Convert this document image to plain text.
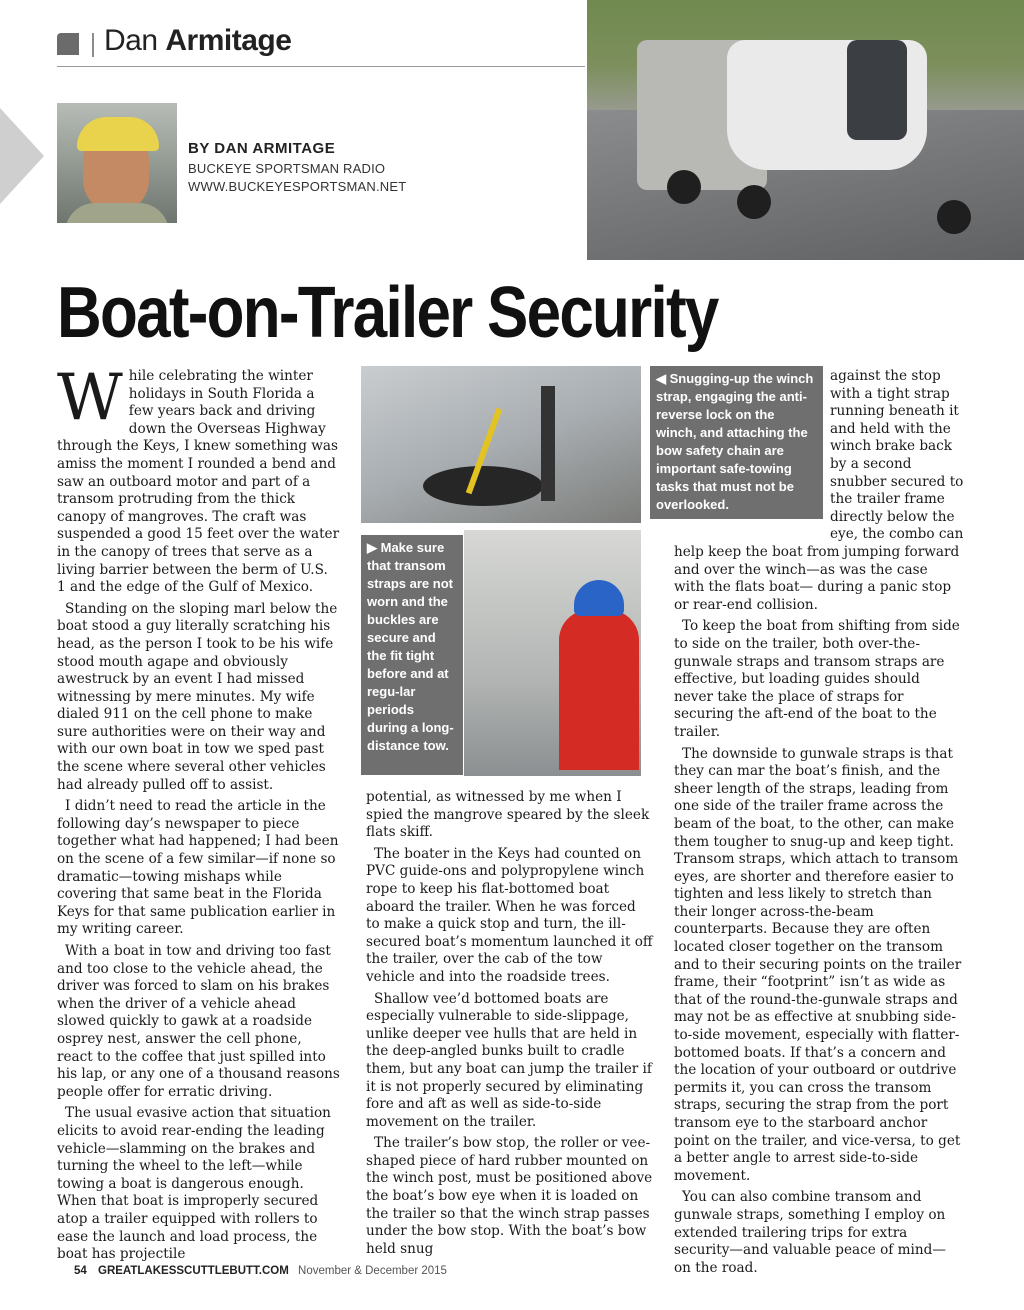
Dan Armitage

BY DAN ARMITAGE

BUCKEYE SPORTSMAN RADIO

WWW.BUCKEYESPORTSMAN.NET

Boat-on-Trailer Security

While celebrating the winter holidays in South Florida a few years back and driving down the Overseas Highway through the Keys, I knew something was amiss the moment I rounded a bend and saw an outboard motor and part of a transom protruding from the thick canopy of mangroves. The craft was suspended a good 15 feet over the water in the canopy of trees that serve as a living barrier between the berm of U.S. 1 and the edge of the Gulf of Mexico.

Standing on the sloping marl below the boat stood a guy literally scratching his head, as the person I took to be his wife stood mouth agape and obviously awestruck by an event I had missed witnessing by mere minutes. My wife dialed 911 on the cell phone to make sure authorities were on their way and with our own boat in tow we sped past the scene where several other vehicles had already pulled off to assist.

I didn’t need to read the article in the following day’s newspaper to piece together what had happened; I had been on the scene of a few similar—if none so dramatic—towing mishaps while covering that same beat in the Florida Keys for that same publication earlier in my writing career.

With a boat in tow and driving too fast and too close to the vehicle ahead, the driver was forced to slam on his brakes when the driver of a vehicle ahead slowed quickly to gawk at a roadside osprey nest, answer the cell phone, react to the coffee that just spilled into his lap, or any one of a thousand reasons people offer for erratic driving.

The usual evasive action that situation elicits to avoid rear-ending the leading vehicle—slamming on the brakes and turning the wheel to the left—while towing a boat is dangerous enough. When that boat is improperly secured atop a trailer equipped with rollers to ease the launch and load process, the boat has projectile

▶ Make sure that transom straps are not worn and the buckles are secure and the fit tight before and at regu-lar periods during a long-distance tow.

potential, as witnessed by me when I spied the mangrove speared by the sleek flats skiff.

The boater in the Keys had counted on PVC guide-ons and polypropylene winch rope to keep his flat-bottomed boat aboard the trailer. When he was forced to make a quick stop and turn, the ill-secured boat’s momentum launched it off the trailer, over the cab of the tow vehicle and into the roadside trees.

Shallow vee’d bottomed boats are especially vulnerable to side-slippage, unlike deeper vee hulls that are held in the deep-angled bunks built to cradle them, but any boat can jump the trailer if it is not properly secured by eliminating fore and aft as well as side-to-side movement on the trailer.

The trailer’s bow stop, the roller or vee-shaped piece of hard rubber mounted on the winch post, must be positioned above the boat’s bow eye when it is loaded on the trailer so that the winch strap passes under the bow stop. With the boat’s bow held snug

◀ Snugging-up the winch strap, engaging the anti-reverse lock on the winch, and attaching the bow safety chain are important safe-towing tasks that must not be overlooked.

against the stop with a tight strap running beneath it and held with the winch brake back by a second snubber secured to the trailer frame directly below the eye, the combo can

help keep the boat from jumping forward and over the winch—as was the case with the flats boat— during a panic stop or rear-end collision.

To keep the boat from shifting from side to side on the trailer, both over-the-gunwale straps and transom straps are effective, but loading guides should never take the place of straps for securing the aft-end of the boat to the trailer.

The downside to gunwale straps is that they can mar the boat’s finish, and the sheer length of the straps, leading from one side of the trailer frame across the beam of the boat, to the other, can make them tougher to snug-up and keep tight. Transom straps, which attach to transom eyes, are shorter and therefore easier to tighten and less likely to stretch than their longer across-the-beam counterparts. Because they are often located closer together on the transom and to their securing points on the trailer frame, their “footprint” isn’t as wide as that of the round-the-gunwale straps and may not be as effective at snubbing side-to-side movement, especially with flatter-bottomed boats. If that’s a concern and the location of your outboard or outdrive permits it, you can cross the transom straps, securing the strap from the port transom eye to the starboard anchor point on the trailer, and vice-versa, to get a better angle to arrest side-to-side movement.

You can also combine transom and gunwale straps, something I employ on extended trailering trips for extra security—and valuable peace of mind—on the road.

54 GREATLAKESSCUTTLEBUTT.COM November & December 2015
